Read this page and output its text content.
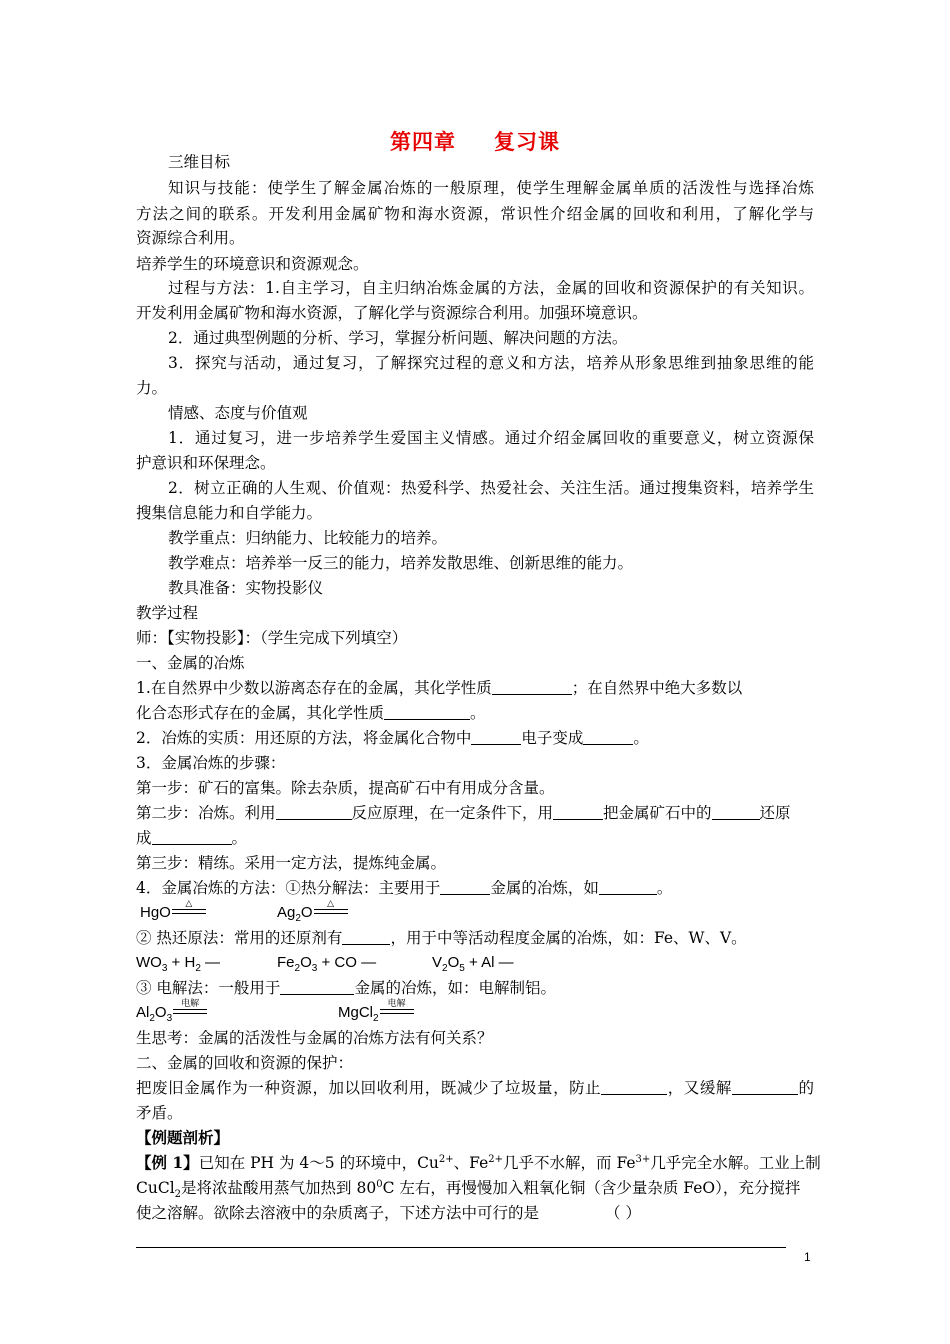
第四章 复习课
三维目标
知识与技能：使学生了解金属冶炼的一般原理，使学生理解金属单质的活泼性与选择冶炼
方法之间的联系。开发利用金属矿物和海水资源，常识性介绍金属的回收和利用，了解化学与
资源综合利用。
培养学生的环境意识和资源观念。
过程与方法：1.自主学习，自主归纳冶炼金属的方法，金属的回收和资源保护的有关知识。
开发利用金属矿物和海水资源，了解化学与资源综合利用。加强环境意识。
2．通过典型例题的分析、学习，掌握分析问题、解决问题的方法。
3．探究与活动，通过复习，了解探究过程的意义和方法，培养从形象思维到抽象思维的能
力。
情感、态度与价值观
1．通过复习，进一步培养学生爱国主义情感。通过介绍金属回收的重要意义，树立资源保
护意识和环保理念。
2．树立正确的人生观、价值观：热爱科学、热爱社会、关注生活。通过搜集资料，培养学生
搜集信息能力和自学能力。
教学重点：归纳能力、比较能力的培养。
教学难点：培养举一反三的能力，培养发散思维、创新思维的能力。
教具准备：实物投影仪
教学过程
师：【实物投影】：（学生完成下列填空）
一、金属的冶炼
1.在自然界中少数以游离态存在的金属，其化学性质	；在自然界中绝大多数以
化合态形式存在的金属，其化学性质	。
2．冶炼的实质：用还原的方法，将金属化合物中	电子变成	。
3．金属冶炼的步骤：
第一步：矿石的富集。除去杂质，提高矿石中有用成分含量。
第二步：冶炼。利用	反应原理，在一定条件下，用	把金属矿石中的	还原
成	。
第三步：精练。采用一定方法，提炼纯金属。
4．金属冶炼的方法：①热分解法：主要用于	金属的冶炼，如	。
HgO	△	$Ag_2O$	△
② 热还原法：常用的还原剂有	，用于中等活动程度金属的冶炼，如：Fe、W、V。
$WO_3 + H_2$ —	$Fe_2O_3$ + CO —	$V_2O_5 + Al$ —
③ 电解法：一般用于	金属的冶炼，如：电解制铝。
$Al_2O_3$
电解	MgCl$_2$
电解
生思考：金属的活泼性与金属的冶炼方法有何关系？
二、金属的回收和资源的保护：
把废旧金属作为一种资源，加以回收利用，既减少了垃圾量，防止	，又缓解	的
矛盾。
【例题剖析】
【例 1】已知在 PH 为 4～5 的环境中，$Cu^{2+}$、$Fe^{2+}$几乎不水解，而 $Fe^{3+}$几乎完全水解。工业上制
CuCl$_2$是将浓盐酸用蒸气加热到 $80^0C$ 左右，再慢慢加入粗氧化铜（含少量杂质 FeO），充分搅拌
使之溶解。欲除去溶液中的杂质离子，下述方法中可行的是	（ ）
1
